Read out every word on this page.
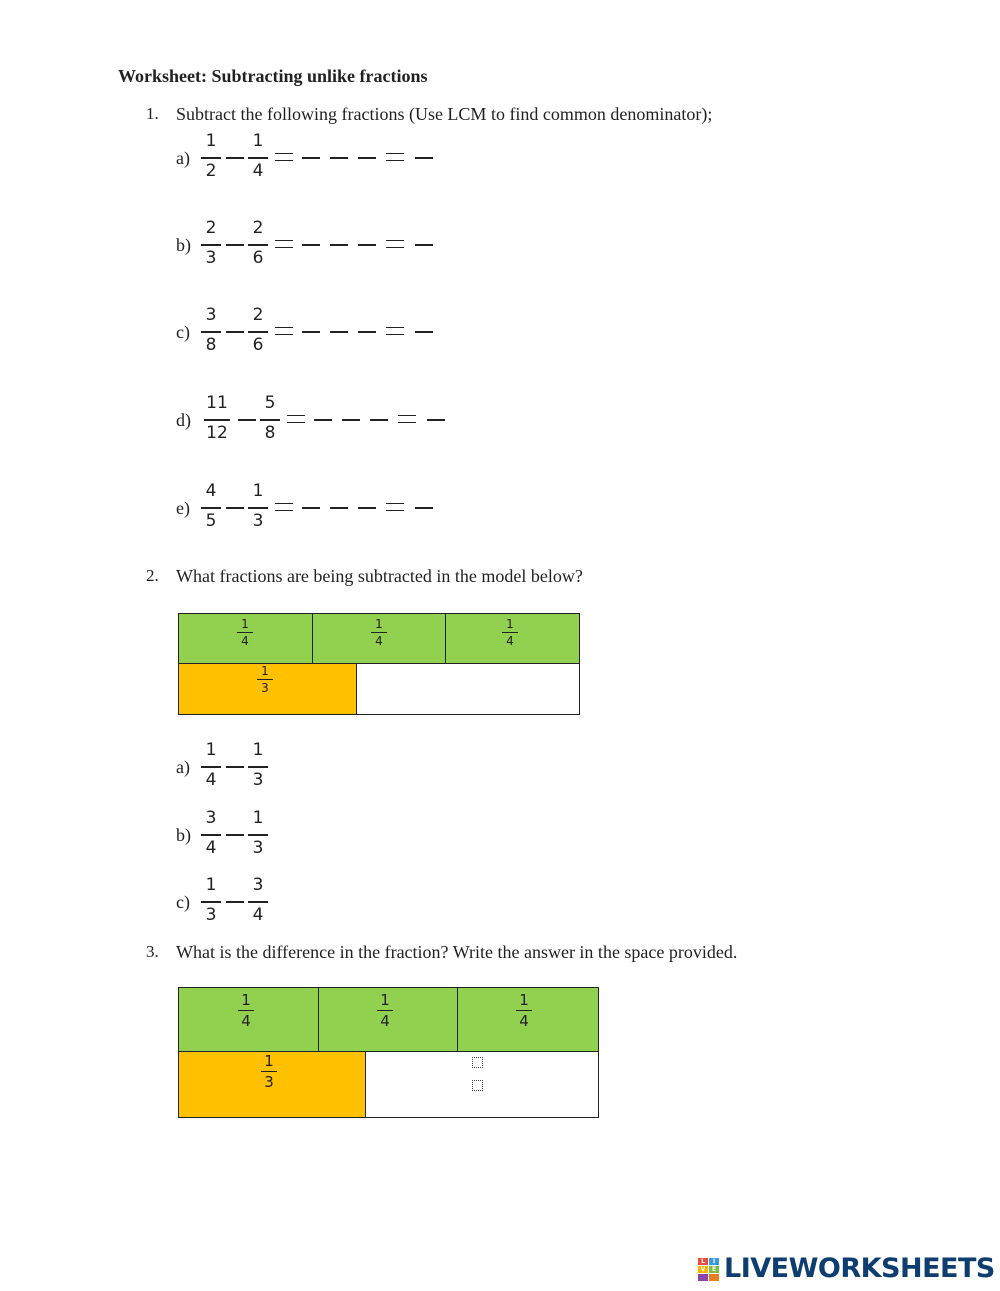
Worksheet: Subtracting unlike fractions
1. Subtract the following fractions (Use LCM to find common denominator);
a)
1
2
1
4
b)
2
3
2
6
c)
3
8
2
6
d)
11
12
5
8
e)
4
5
1
3
2. What fractions are being subtracted in the model below?
1
4
1
4
1
4
1
3
a)
1
4
1
3
b)
3
4
1
3
c)
1
3
3
4
3. What is the difference in the fraction? Write the answer in the space provided.
1
4
1
4
1
4
1
3
L	I
V	E LIVEWORKSHEETS
